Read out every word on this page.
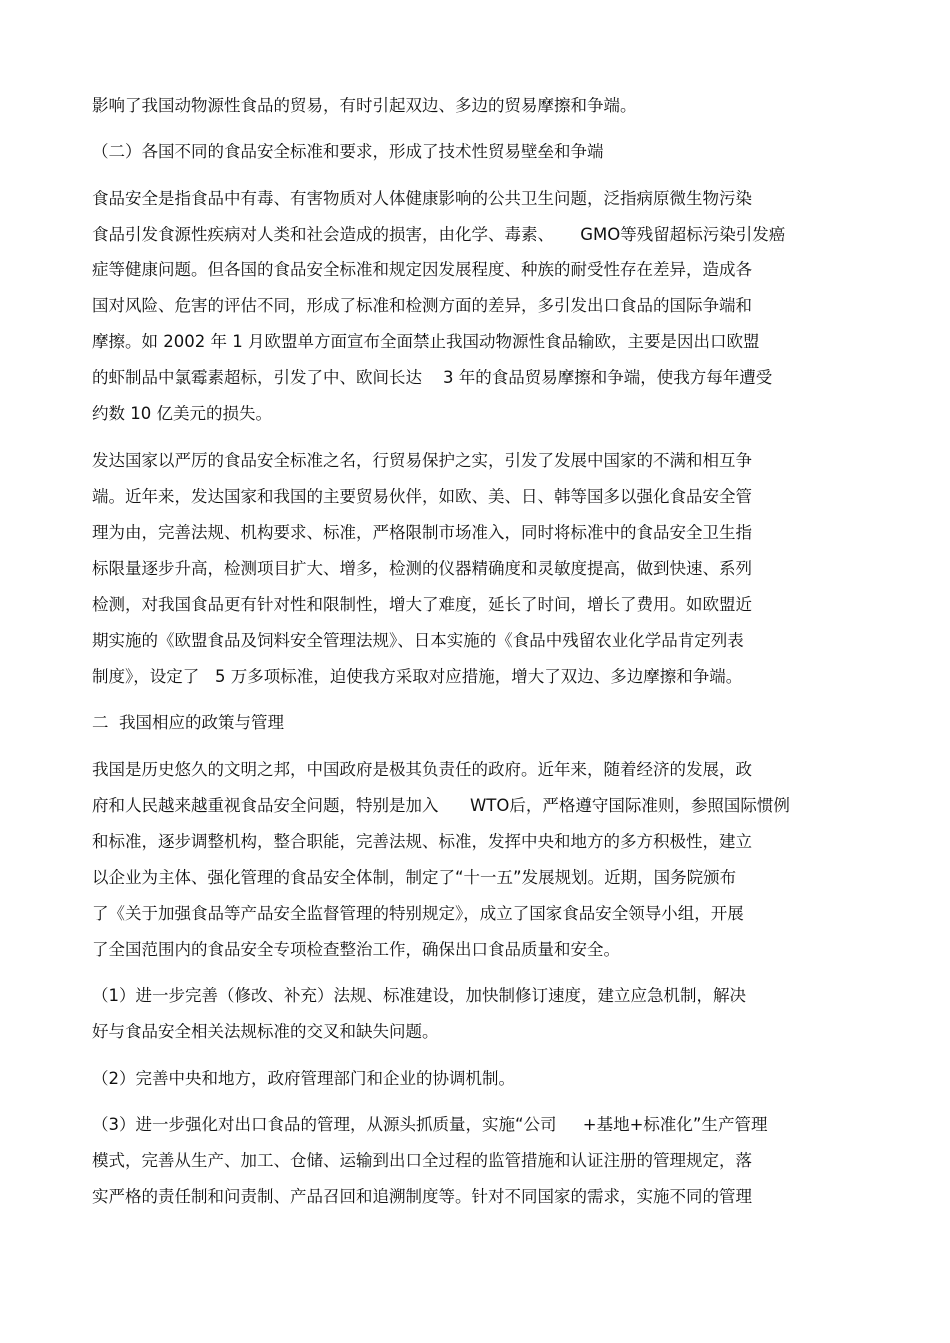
影响了我国动物源性食品的贸易，有时引起双边、多边的贸易摩擦和争端。
（二）各国不同的食品安全标准和要求，形成了技术性贸易壁垒和争端
食品安全是指食品中有毒、有害物质对人体健康影响的公共卫生问题，泛指病原微生物污染
食品引发食源性疾病对人类和社会造成的损害，由化学、毒素、     GMO等残留超标污染引发癌
症等健康问题。但各国的食品安全标准和规定因发展程度、种族的耐受性存在差异，造成各
国对风险、危害的评估不同，形成了标准和检测方面的差异，多引发出口食品的国际争端和
摩擦。如 2002 年 1 月欧盟单方面宣布全面禁止我国动物源性食品输欧，主要是因出口欧盟
的虾制品中氯霉素超标，引发了中、欧间长达    3 年的食品贸易摩擦和争端，使我方每年遭受
约数 10 亿美元的损失。
发达国家以严厉的食品安全标准之名，行贸易保护之实，引发了发展中国家的不满和相互争
端。近年来，发达国家和我国的主要贸易伙伴，如欧、美、日、韩等国多以强化食品安全管
理为由，完善法规、机构要求、标准，严格限制市场准入，同时将标准中的食品安全卫生指
标限量逐步升高，检测项目扩大、增多，检测的仪器精确度和灵敏度提高，做到快速、系列
检测，对我国食品更有针对性和限制性，增大了难度，延长了时间，增长了费用。如欧盟近
期实施的《欧盟食品及饲料安全管理法规》、日本实施的《食品中残留农业化学品肯定列表
制度》，设定了   5 万多项标准，迫使我方采取对应措施，增大了双边、多边摩擦和争端。
二  我国相应的政策与管理
我国是历史悠久的文明之邦，中国政府是极其负责任的政府。近年来，随着经济的发展，政
府和人民越来越重视食品安全问题，特别是加入      WTO后，严格遵守国际准则，参照国际惯例
和标准，逐步调整机构，整合职能，完善法规、标准，发挥中央和地方的多方积极性，建立
以企业为主体、强化管理的食品安全体制，制定了“十一五”发展规划。近期，国务院颁布
了《关于加强食品等产品安全监督管理的特别规定》，成立了国家食品安全领导小组，开展
了全国范围内的食品安全专项检查整治工作，确保出口食品质量和安全。
（1）进一步完善（修改、补充）法规、标准建设，加快制修订速度，建立应急机制，解决
好与食品安全相关法规标准的交叉和缺失问题。
（2）完善中央和地方，政府管理部门和企业的协调机制。
（3）进一步强化对出口食品的管理，从源头抓质量，实施“公司     +基地+标准化”生产管理
模式，完善从生产、加工、仓储、运输到出口全过程的监管措施和认证注册的管理规定，落
实严格的责任制和问责制、产品召回和追溯制度等。针对不同国家的需求，实施不同的管理
